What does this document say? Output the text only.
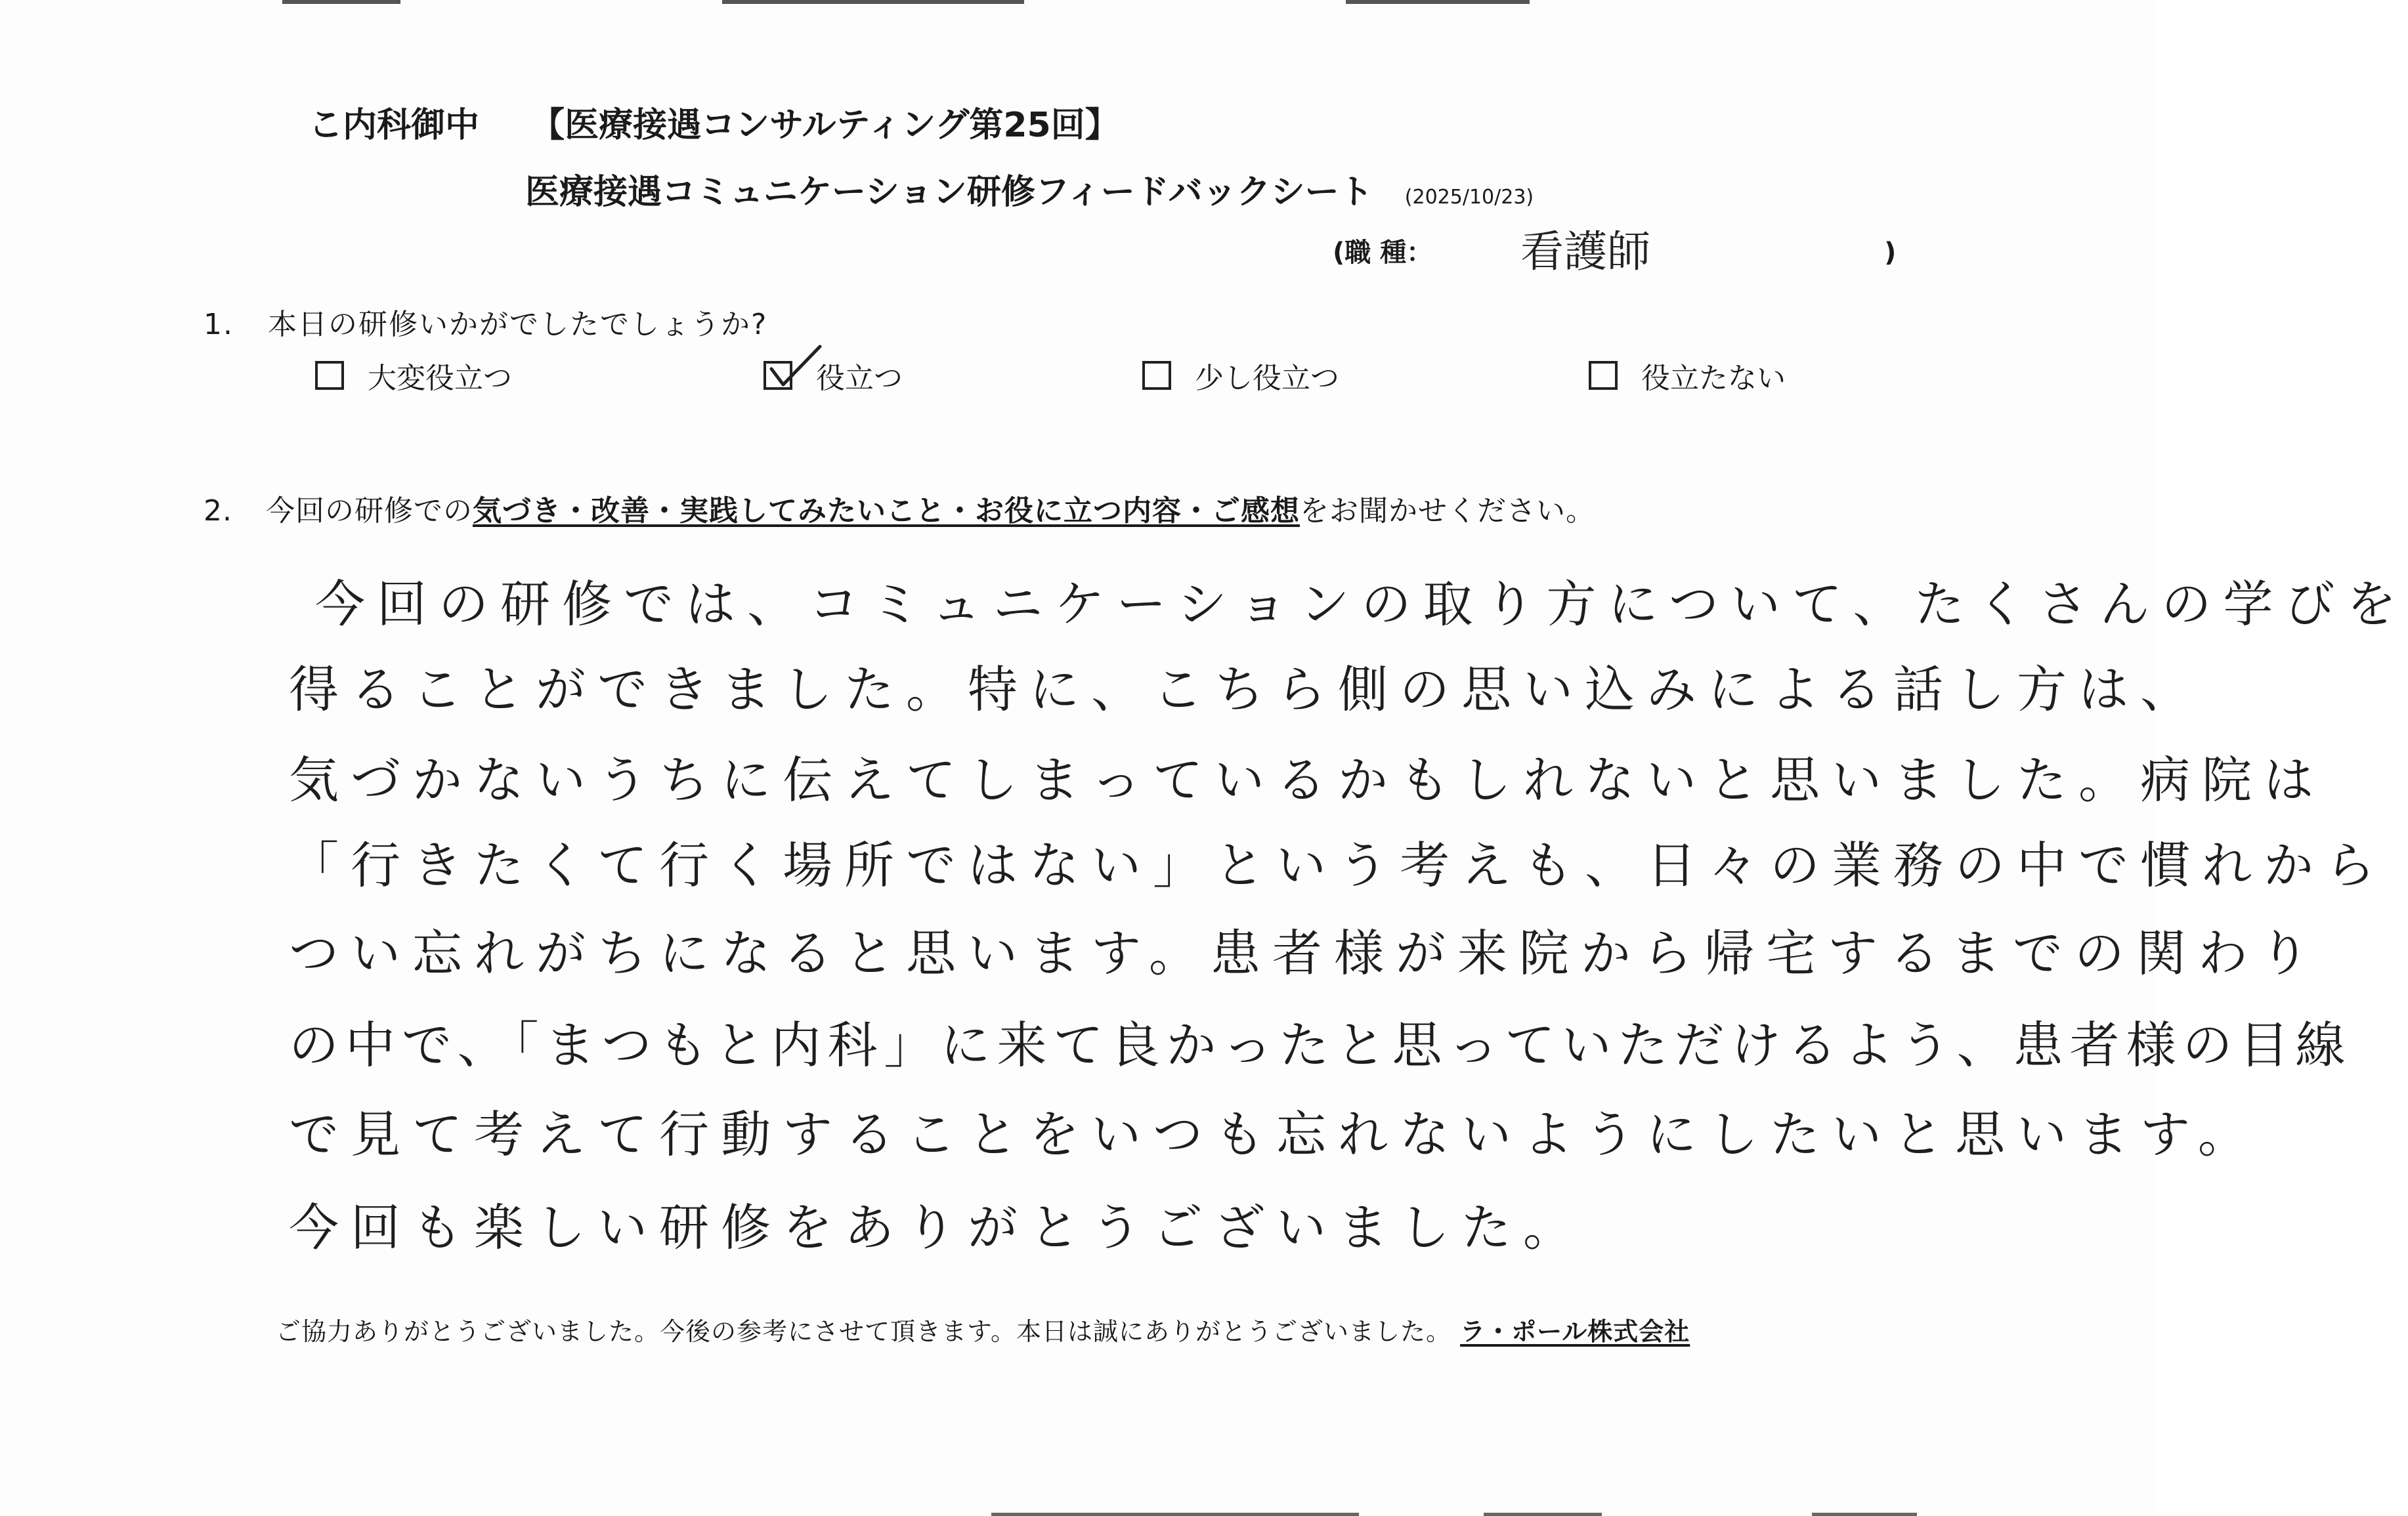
こ内科御中 【医療接遇コンサルティング第25回】
医療接遇コミュニケーション研修フィードバックシート (2025/10/23)
(職 種： 看護師	)
1. 本日の研修いかがでしたでしょうか?
大変役立つ	役立つ	少し役立つ	役立たない
2. 今回の研修での気づき・改善・実践してみたいこと・お役に立つ内容・ご感想をお聞かせください。
今回の研修では、コミュニケーションの取り方について、たくさんの学びを
得ることができました。特に、こちら側の思い込みによる話し方は、
気づかないうちに伝えてしまっているかもしれないと思いました。病院は
「行きたくて行く場所ではない」という考えも、日々の業務の中で慣れから
つい忘れがちになると思います。患者様が来院から帰宅するまでの関わり
の中で、「まつもと内科」に来て良かったと思っていただけるよう、患者様の目線
で見て考えて行動することをいつも忘れないようにしたいと思います。
今回も楽しい研修をありがとうございました。
ご協力ありがとうございました。今後の参考にさせて頂きます。本日は誠にありがとうございました。 ラ・ポール株式会社
